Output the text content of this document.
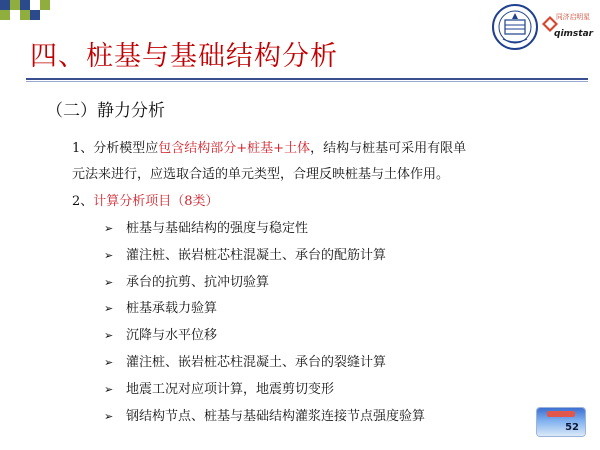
四、桩基与基础结构分析
同济启明星
qimstar
（二）静力分析
1、分析模型应包含结构部分+桩基+土体，结构与桩基可采用有限单
元法来进行，应选取合适的单元类型，合理反映桩基与土体作用。
2、计算分析项目（8类）
➢ 桩基与基础结构的强度与稳定性
➢ 灌注桩、嵌岩桩芯柱混凝土、承台的配筋计算
➢ 承台的抗剪、抗冲切验算
➢ 桩基承载力验算
➢ 沉降与水平位移
➢ 灌注桩、嵌岩桩芯柱混凝土、承台的裂缝计算
➢ 地震工况对应项计算，地震剪切变形
➢ 钢结构节点、桩基与基础结构灌浆连接节点强度验算
52
